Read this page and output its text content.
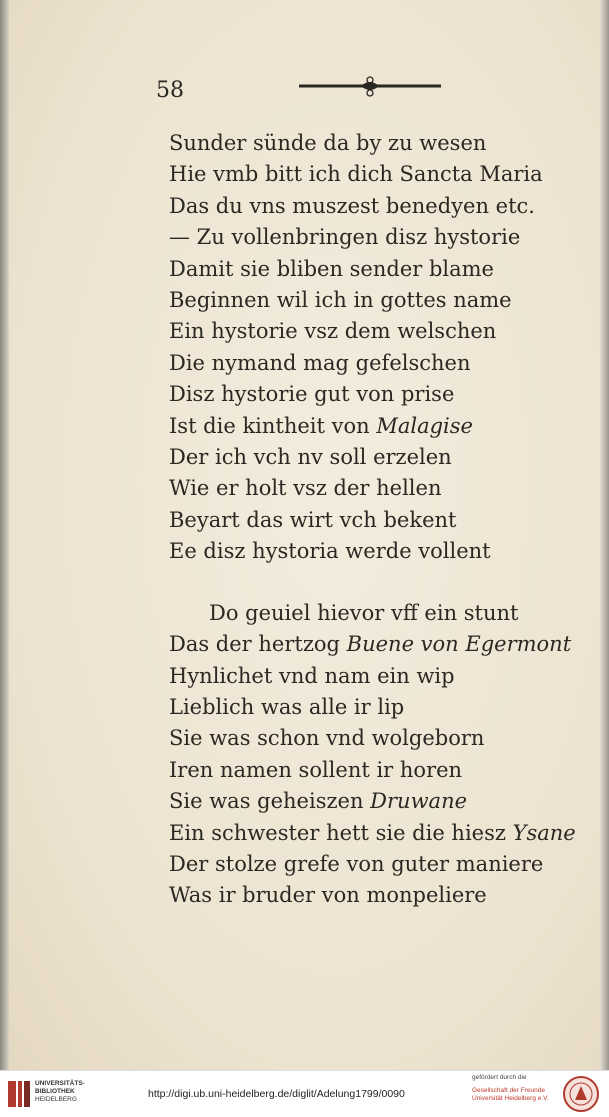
58
Sunder sünde da by zu wesen
Hie vmb bitt ich dich Sancta Maria
Das du vns muszest benedyen etc.
— Zu vollenbringen disz hystorie
Damit sie bliben sender blame
Beginnen wil ich in gottes name
Ein hystorie vsz dem welschen
Die nymand mag gefelschen
Disz hystorie gut von prise
Ist die kintheit von Malagise
Der ich vch nv soll erzelen
Wie er holt vsz der hellen
Beyart das wirt vch bekent
Ee disz hystoria werde vollent
Do geuiel hievor vff ein stunt
Das der hertzog Buene von Egermont
Hynlichet vnd nam ein wip
Lieblich was alle ir lip
Sie was schon vnd wolgeborn
Iren namen sollent ir horen
Sie was geheiszen Druwane
Ein schwester hett sie die hiesz Ysane
Der stolze grefe von guter maniere
Was ir bruder von monpeliere
UNIVERSITÄTS-
BIBLIOTHEK
HEIDELBERG	http://digi.ub.uni-heidelberg.de/diglit/Adelung1799/0090
gefördert durch die
Gesellschaft der Freunde
Universität Heidelberg e.V.
